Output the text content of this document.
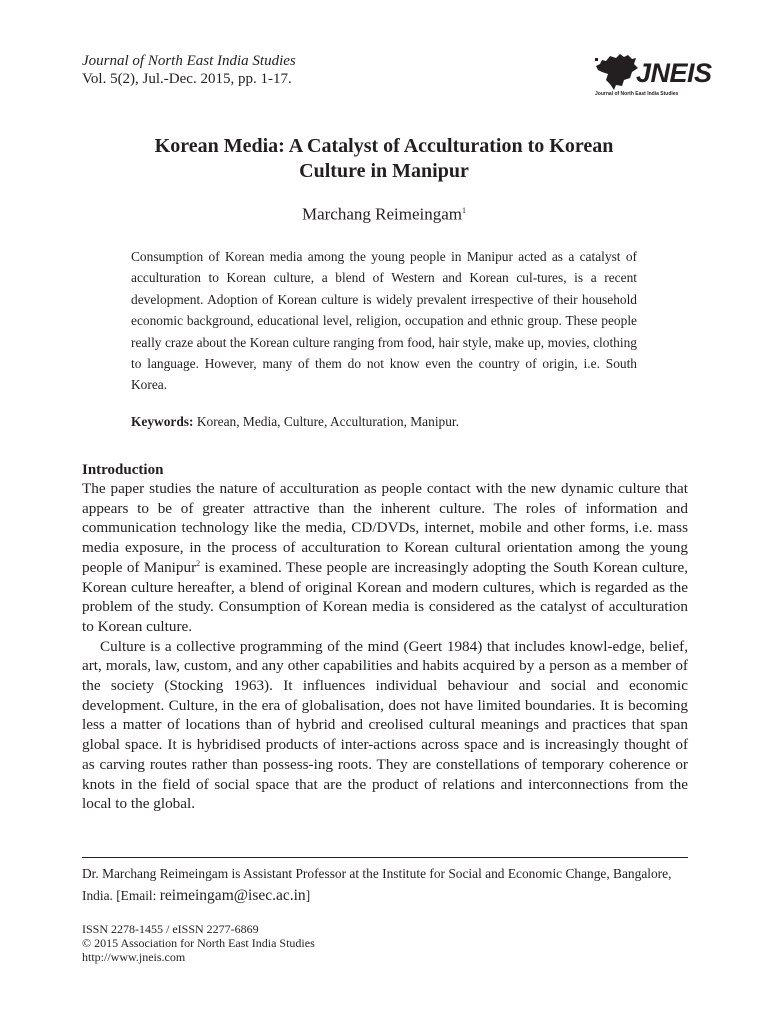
Journal of North East India Studies

Vol. 5(2), Jul.-Dec. 2015, pp. 1-17.	JNEIS
Journal of North East India Studies
Korean Media: A Catalyst of Acculturation to Korean
Culture in Manipur

Marchang Reimeingam$^1$

Consumption of Korean media among the young people in Manipur acted as a catalyst of acculturation to Korean culture, a blend of Western and Korean cul-tures, is a recent development. Adoption of Korean culture is widely prevalent irrespective of their household economic background, educational level, religion, occupation and ethnic group. These people really craze about the Korean culture ranging from food, hair style, make up, movies, clothing to language. However, many of them do not know even the country of origin, i.e. South Korea.

Keywords: Korean, Media, Culture, Acculturation, Manipur.

Introduction

The paper studies the nature of acculturation as people contact with the new dynamic culture that appears to be of greater attractive than the inherent culture. The roles of information and communication technology like the media, CD/DVDs, internet, mobile and other forms, i.e. mass media exposure, in the process of acculturation to Korean cultural orientation among the young people of Manipur$^2$ is examined. These people are increasingly adopting the South Korean culture, Korean culture hereafter, a blend of original Korean and modern cultures, which is regarded as the problem of the study. Consumption of Korean media is considered as the catalyst of acculturation to Korean culture.

Culture is a collective programming of the mind (Geert 1984) that includes knowl-edge, belief, art, morals, law, custom, and any other capabilities and habits acquired by a person as a member of the society (Stocking 1963). It influences individual behaviour and social and economic development. Culture, in the era of globalisation, does not have limited boundaries. It is becoming less a matter of locations than of hybrid and creolised cultural meanings and practices that span global space. It is hybridised products of inter-actions across space and is increasingly thought of as carving routes rather than possess-ing roots. They are constellations of temporary coherence or knots in the field of social space that are the product of relations and interconnections from the local to the global.

Dr. Marchang Reimeingam is Assistant Professor at the Institute for Social and Economic Change, Bangalore, India. [Email: reimeingam@isec.ac.in]

ISSN 2278-1455 / eISSN 2277-6869
© 2015 Association for North East India Studies
http://www.jneis.com
